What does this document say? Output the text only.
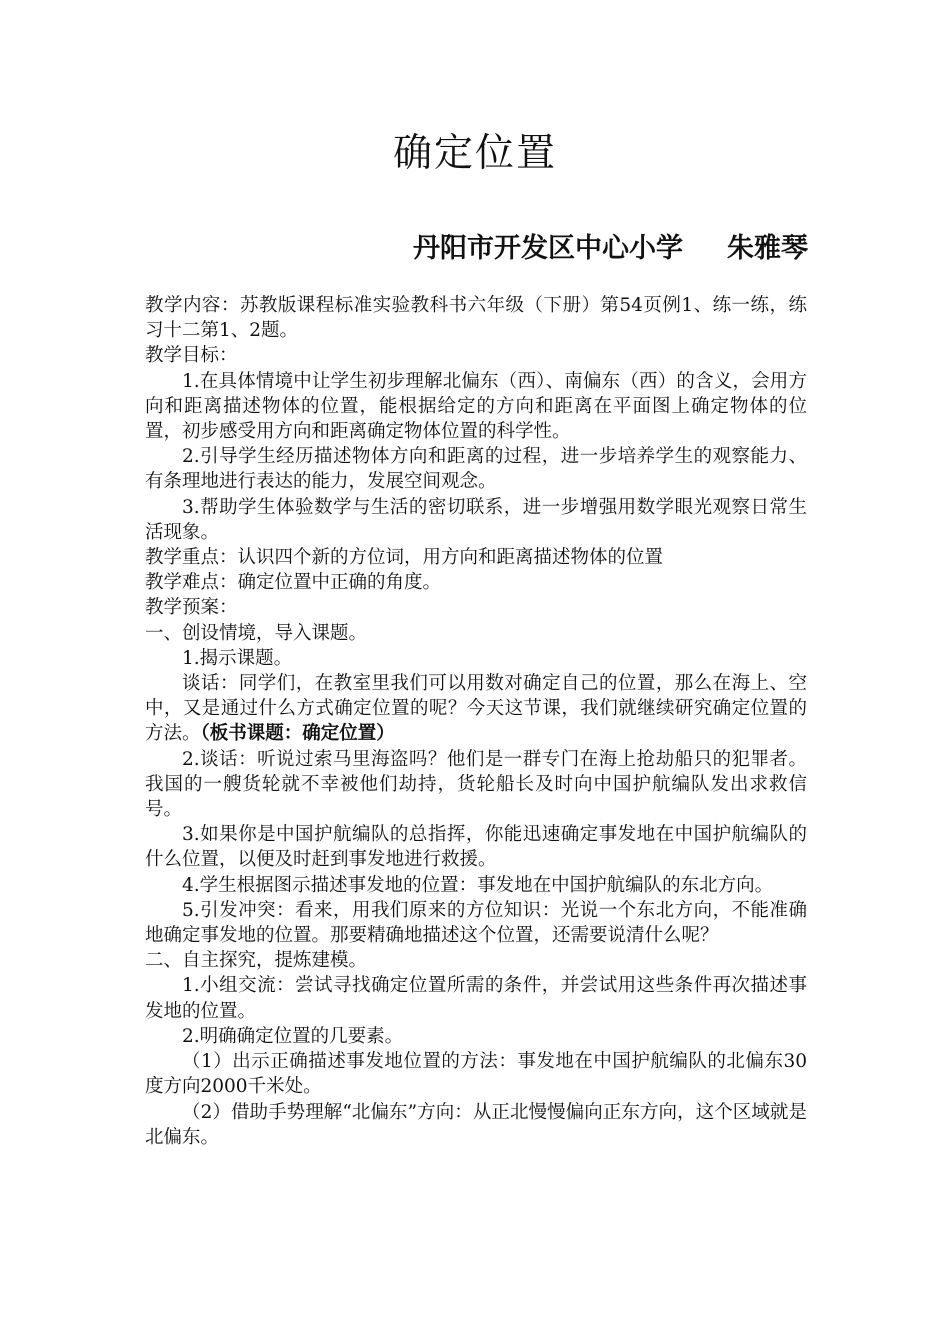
确定位置
丹阳市开发区中心小学 朱雅琴

教学内容：苏教版课程标准实验教科书六年级（下册）第54页例1、练一练，练习十二第1、2题。

教学目标：

1.在具体情境中让学生初步理解北偏东（西）、南偏东（西）的含义，会用方向和距离描述物体的位置，能根据给定的方向和距离在平面图上确定物体的位置，初步感受用方向和距离确定物体位置的科学性。

2.引导学生经历描述物体方向和距离的过程，进一步培养学生的观察能力、有条理地进行表达的能力，发展空间观念。

3.帮助学生体验数学与生活的密切联系，进一步增强用数学眼光观察日常生活现象。

教学重点：认识四个新的方位词，用方向和距离描述物体的位置

教学难点：确定位置中正确的角度。

教学预案：

一、创设情境，导入课题。

1.揭示课题。

谈话：同学们，在教室里我们可以用数对确定自己的位置，那么在海上、空中，又是通过什么方式确定位置的呢？今天这节课，我们就继续研究确定位置的方法。（板书课题：确定位置）

2.谈话：听说过索马里海盗吗？他们是一群专门在海上抢劫船只的犯罪者。我国的一艘货轮就不幸被他们劫持，货轮船长及时向中国护航编队发出求救信号。

3.如果你是中国护航编队的总指挥，你能迅速确定事发地在中国护航编队的什么位置，以便及时赶到事发地进行救援。

4.学生根据图示描述事发地的位置：事发地在中国护航编队的东北方向。

5.引发冲突：看来，用我们原来的方位知识：光说一个东北方向，不能准确地确定事发地的位置。那要精确地描述这个位置，还需要说清什么呢？

二、自主探究，提炼建模。

1.小组交流：尝试寻找确定位置所需的条件，并尝试用这些条件再次描述事发地的位置。

2.明确确定位置的几要素。

（1）出示正确描述事发地位置的方法：事发地在中国护航编队的北偏东30度方向2000千米处。

（2）借助手势理解“北偏东”方向：从正北慢慢偏向正东方向，这个区域就是北偏东。
